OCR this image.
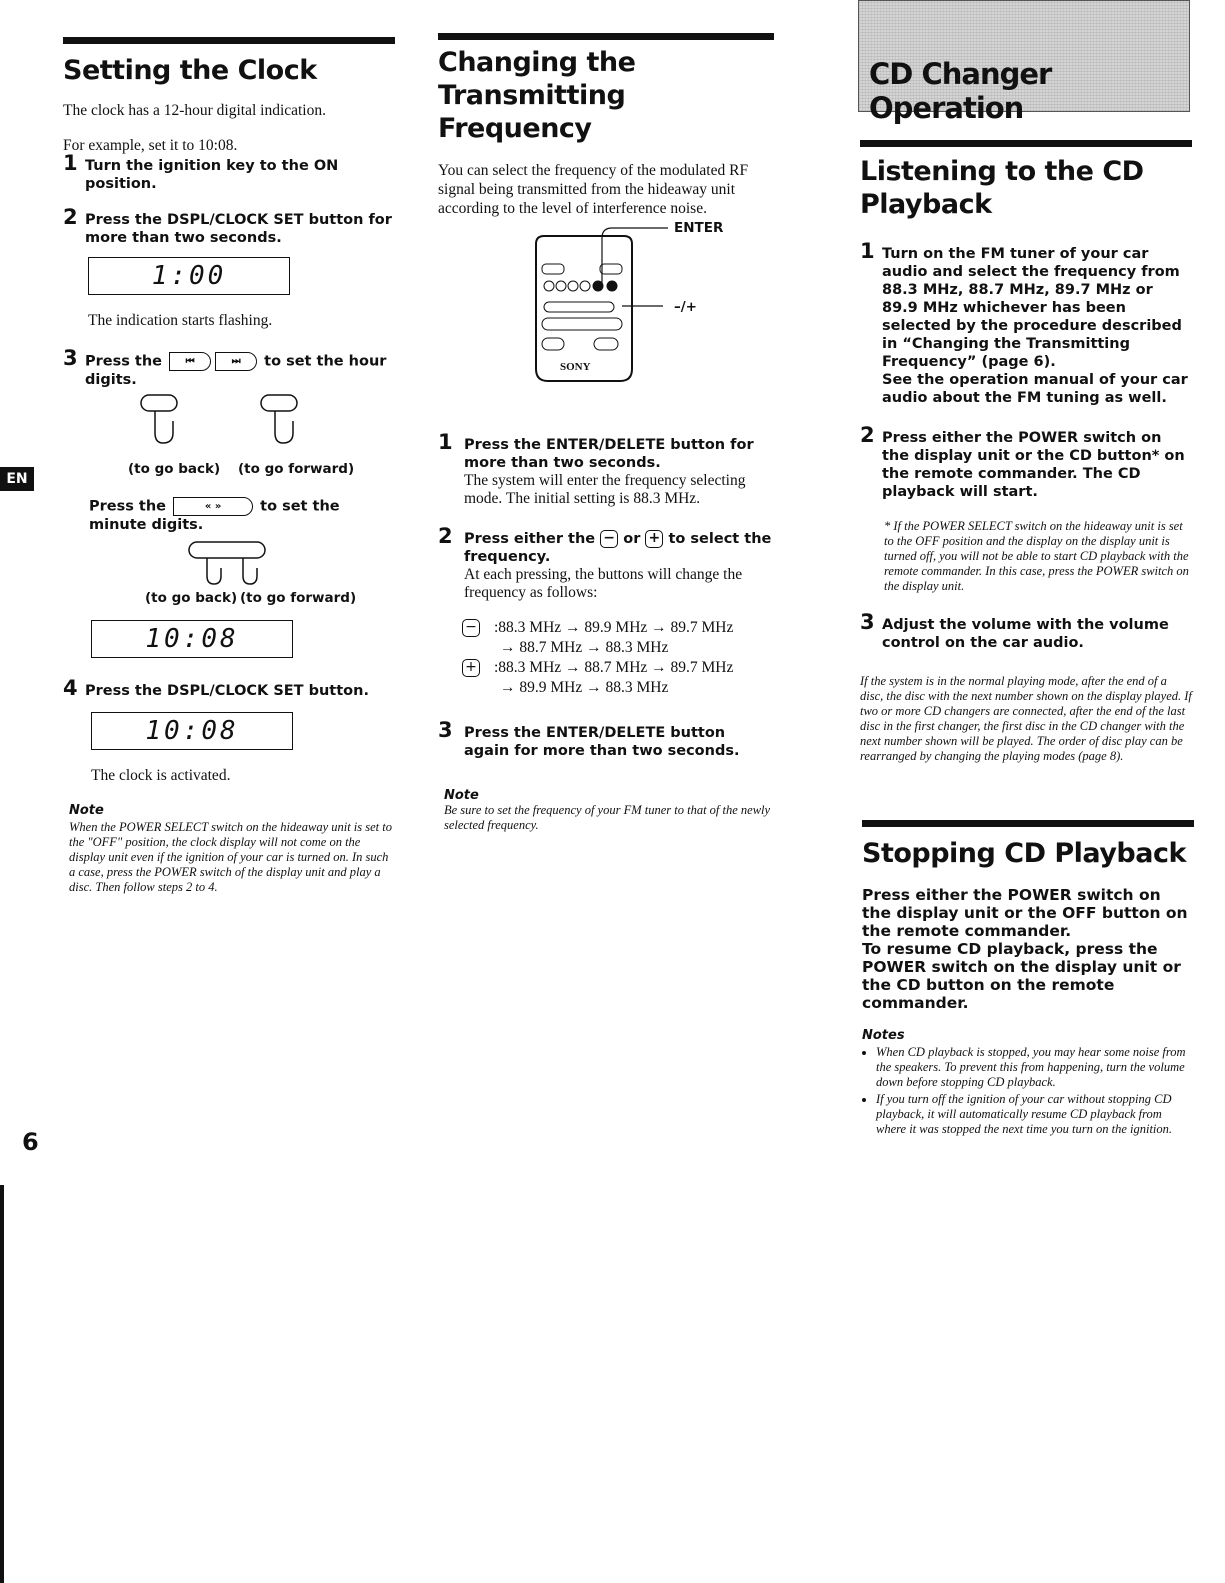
EN
6
Setting the Clock

The clock has a 12-hour digital indication.

For example, set it to 10:08.

1 Turn the ignition key to the ON position.
2 Press the DSPL/CLOCK SET button for more than two seconds.
1:00

The indication starts flashing.

3 Press the ⏮	⏭ to set the hour digits.
(to go back) (to go forward)
Press the	« »	to set the minute digits.
(to go back) (to go forward)
10:08
4 Press the DSPL/CLOCK SET button.
10:08

The clock is activated.

Note
When the POWER SELECT switch on the hideaway unit is set to the "OFF" position, the clock display will not come on the display unit even if the ignition of your car is turned on. In such a case, press the POWER switch of the display unit and play a disc. Then follow steps 2 to 4.
Changing the Transmitting Frequency

You can select the frequency of the modulated RF signal being transmitted from the hideaway unit according to the level of interference noise.

ENTER
–/+
SONY
1 Press the ENTER/DELETE button for more than two seconds.
The system will enter the frequency selecting mode. The initial setting is 88.3 MHz.
2 Press either the − or + to select the frequency.
At each pressing, the buttons will change the frequency as follows:
− :88.3 MHz → 89.9 MHz → 89.7 MHz
→ 88.7 MHz → 88.3 MHz
+ :88.3 MHz → 88.7 MHz → 89.7 MHz
→ 89.9 MHz → 88.3 MHz
3 Press the ENTER/DELETE button again for more than two seconds.
Note
Be sure to set the frequency of your FM tuner to that of the newly selected frequency.
CD Changer Operation
Listening to the CD Playback
1 Turn on the FM tuner of your car audio and select the frequency from 88.3 MHz, 88.7 MHz, 89.7 MHz or 89.9 MHz whichever has been selected by the procedure described in “Changing the Transmitting Frequency” (page 6).
See the operation manual of your car audio about the FM tuning as well.
2 Press either the POWER switch on the display unit or the CD button* on the remote commander. The CD playback will start.
* If the POWER SELECT switch on the hideaway unit is set to the OFF position and the display on the display unit is turned off, you will not be able to start CD playback with the remote commander. In this case, press the POWER switch on the display unit.
3 Adjust the volume with the volume control on the car audio.
If the system is in the normal playing mode, after the end of a disc, the disc with the next number shown on the display played. If two or more CD changers are connected, after the end of the last disc in the first changer, the first disc in the CD changer with the next number shown will be played. The order of disc play can be rearranged by changing the playing modes (page 8).
Stopping CD Playback
Press either the POWER switch on the display unit or the OFF button on the remote commander.
To resume CD playback, press the POWER switch on the display unit or the CD button on the remote commander.
Notes
• When CD playback is stopped, you may hear some noise from the speakers. To prevent this from happening, turn the volume down before stopping CD playback.
• If you turn off the ignition of your car without stopping CD playback, it will automatically resume CD playback from where it was stopped the next time you turn on the ignition.
